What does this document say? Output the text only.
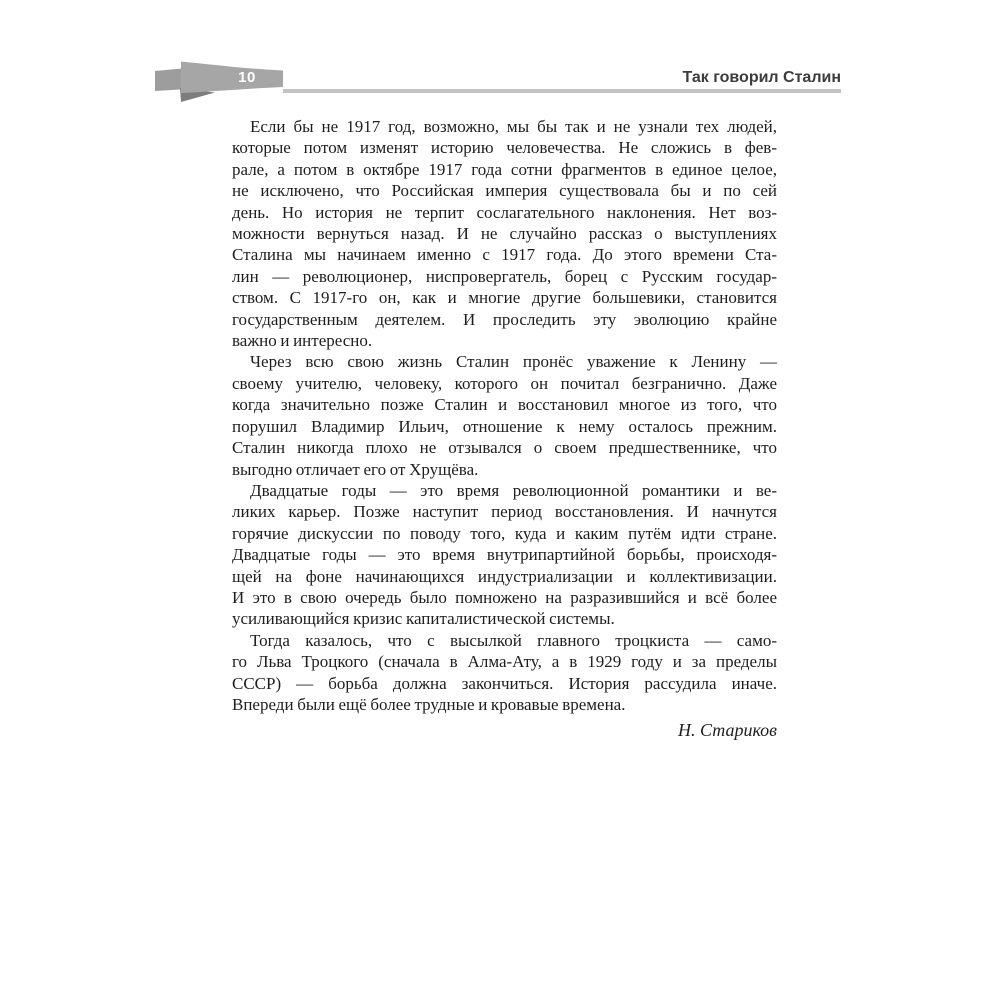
10	Так говорил Сталин
Если бы не 1917 год, возможно, мы бы так и не узнали тех людей,
которые потом изменят историю человечества. Не сложись в фев-
рале, а потом в октябре 1917 года сотни фрагментов в единое целое,
не исключено, что Российская империя существовала бы и по сей
день. Но история не терпит сослагательного наклонения. Нет воз-
можности вернуться назад. И не случайно рассказ о выступлениях
Сталина мы начинаем именно с 1917 года. До этого времени Ста-
лин — революционер, ниспровергатель, борец с Русским государ-
ством. С 1917-го он, как и многие другие большевики, становится
государственным деятелем. И проследить эту эволюцию крайне
важно и интересно.
Через всю свою жизнь Сталин пронёс уважение к Ленину —
своему учителю, человеку, которого он почитал безгранично. Даже
когда значительно позже Сталин и восстановил многое из того, что
порушил Владимир Ильич, отношение к нему осталось прежним.
Сталин никогда плохо не отзывался о своем предшественнике, что
выгодно отличает его от Хрущёва.
Двадцатые годы — это время революционной романтики и ве-
ликих карьер. Позже наступит период восстановления. И начнутся
горячие дискуссии по поводу того, куда и каким путём идти стране.
Двадцатые годы — это время внутрипартийной борьбы, происходя-
щей на фоне начинающихся индустриализации и коллективизации.
И это в свою очередь было помножено на разразившийся и всё более
усиливающийся кризис капиталистической системы.
Тогда казалось, что с высылкой главного троцкиста — само-
го Льва Троцкого (сначала в Алма-Ату, а в 1929 году и за пределы
СССР) — борьба должна закончиться. История рассудила иначе.
Впереди были ещё более трудные и кровавые времена.
Н. Стариков
